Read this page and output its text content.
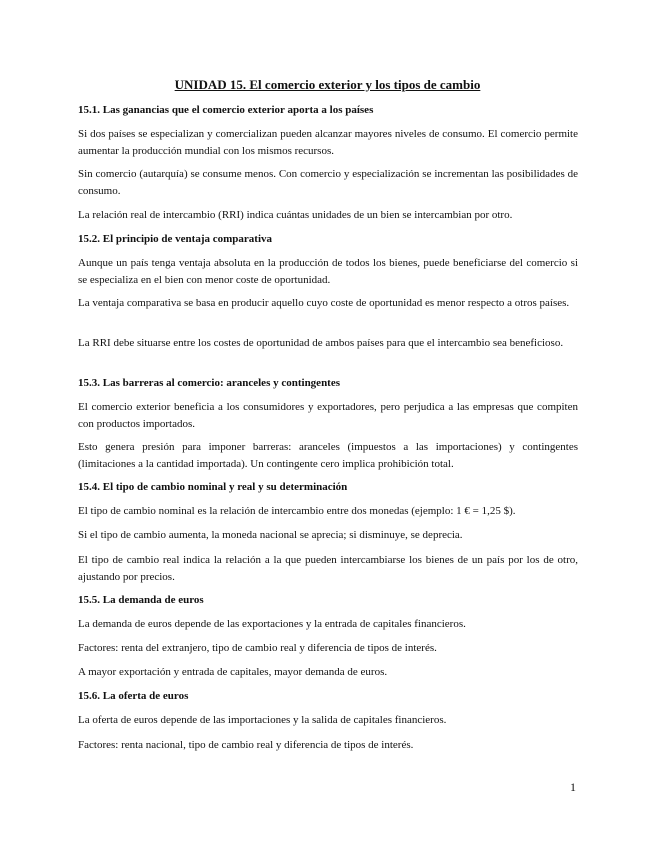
UNIDAD 15. El comercio exterior y los tipos de cambio
15.1. Las ganancias que el comercio exterior aporta a los países
Si dos países se especializan y comercializan pueden alcanzar mayores niveles de consumo. El comercio permite aumentar la producción mundial con los mismos recursos.
Sin comercio (autarquía) se consume menos. Con comercio y especialización se incrementan las posibilidades de consumo.
La relación real de intercambio (RRI) indica cuántas unidades de un bien se intercambian por otro.
15.2. El principio de ventaja comparativa
Aunque un país tenga ventaja absoluta en la producción de todos los bienes, puede beneficiarse del comercio si se especializa en el bien con menor coste de oportunidad.
La ventaja comparativa se basa en producir aquello cuyo coste de oportunidad es menor respecto a otros países.
La RRI debe situarse entre los costes de oportunidad de ambos países para que el intercambio sea beneficioso.
15.3. Las barreras al comercio: aranceles y contingentes
El comercio exterior beneficia a los consumidores y exportadores, pero perjudica a las empresas que compiten con productos importados.
Esto genera presión para imponer barreras: aranceles (impuestos a las importaciones) y contingentes (limitaciones a la cantidad importada). Un contingente cero implica prohibición total.
15.4. El tipo de cambio nominal y real y su determinación
El tipo de cambio nominal es la relación de intercambio entre dos monedas (ejemplo: 1 € = 1,25 $).
Si el tipo de cambio aumenta, la moneda nacional se aprecia; si disminuye, se deprecia.
El tipo de cambio real indica la relación a la que pueden intercambiarse los bienes de un país por los de otro, ajustando por precios.
15.5. La demanda de euros
La demanda de euros depende de las exportaciones y la entrada de capitales financieros.
Factores: renta del extranjero, tipo de cambio real y diferencia de tipos de interés.
A mayor exportación y entrada de capitales, mayor demanda de euros.
15.6. La oferta de euros
La oferta de euros depende de las importaciones y la salida de capitales financieros.
Factores: renta nacional, tipo de cambio real y diferencia de tipos de interés.
1
